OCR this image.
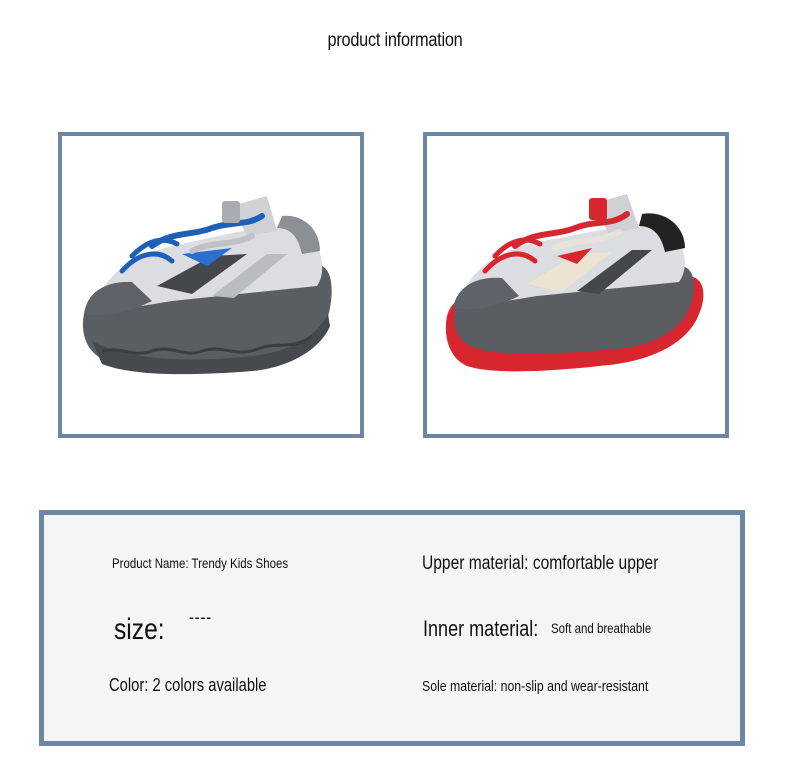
product information
Product Name: Trendy Kids Shoes
size: ----
Color: 2 colors available
Upper material: comfortable upper
Inner material: Soft and breathable
Sole material: non-slip and wear-resistant
